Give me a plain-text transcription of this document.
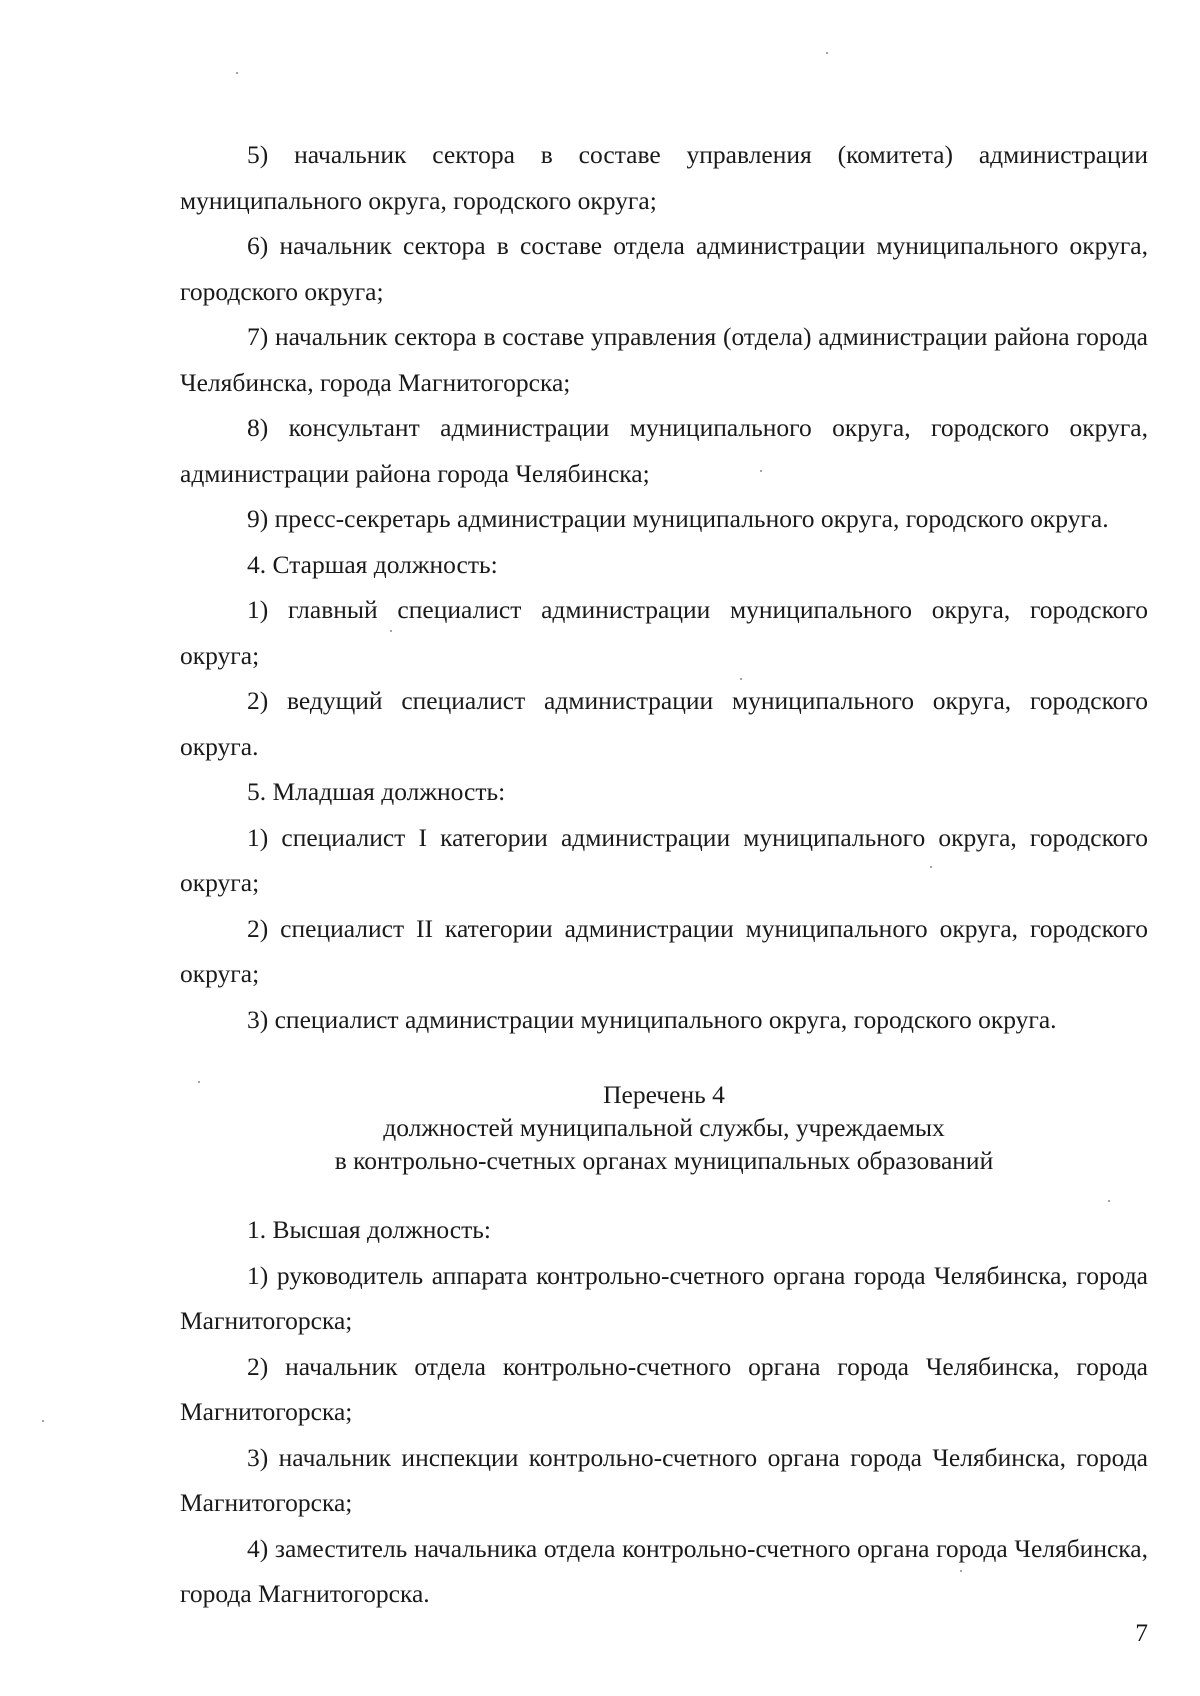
5) начальник сектора в составе управления (комитета) администрации муниципального округа, городского округа;

6) начальник сектора в составе отдела администрации муниципального округа, городского округа;

7) начальник сектора в составе управления (отдела) администрации района города Челябинска, города Магнитогорска;

8) консультант администрации муниципального округа, городского округа, администрации района города Челябинска;

9) пресс-секретарь администрации муниципального округа, городского округа.

4. Старшая должность:

1) главный специалист администрации муниципального округа, городского округа;

2) ведущий специалист администрации муниципального округа, городского округа.

5. Младшая должность:

1) специалист I категории администрации муниципального округа, городского округа;

2) специалист II категории администрации муниципального округа, городского округа;

3) специалист администрации муниципального округа, городского округа.

Перечень 4
должностей муниципальной службы, учреждаемых
в контрольно-счетных органах муниципальных образований

1. Высшая должность:

1) руководитель аппарата контрольно-счетного органа города Челябинска, города Магнитогорска;

2) начальник отдела контрольно-счетного органа города Челябинска, города Магнитогорска;

3) начальник инспекции контрольно-счетного органа города Челябинска, города Магнитогорска;

4) заместитель начальника отдела контрольно-счетного органа города Челябинска, города Магнитогорска.

7
